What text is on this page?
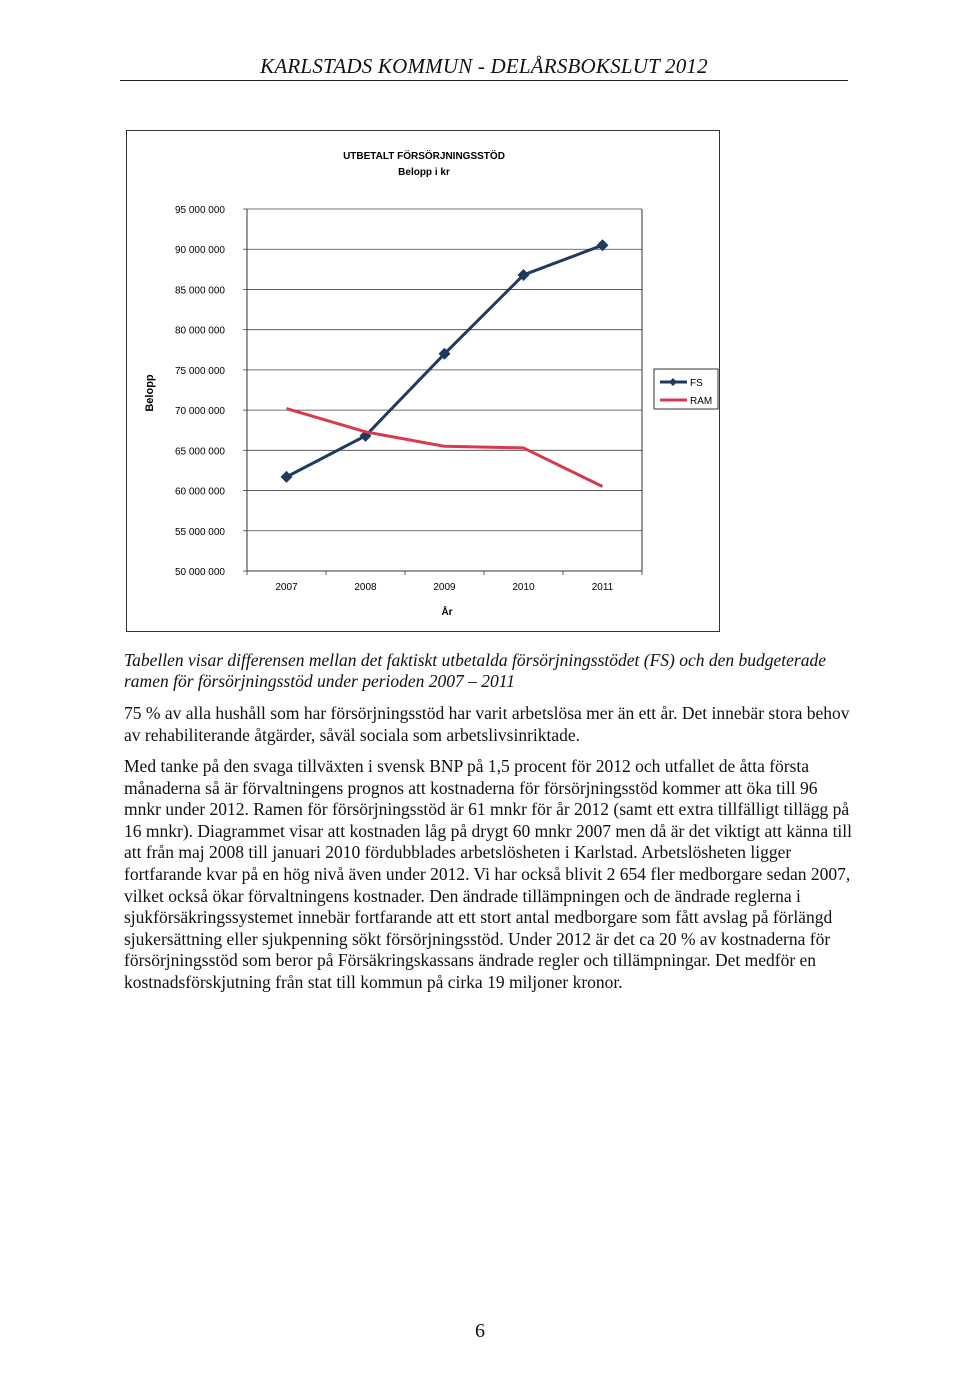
KARLSTADS KOMMUN - DELÅRSBOKSLUT 2012
UTBETALT FÖRSÖRJNINGSSTÖD
Belopp i kr
Belopp
År
50 000 000
55 000 000
60 000 000
65 000 000
70 000 000
75 000 000
80 000 000
85 000 000
90 000 000
95 000 000
2007	2008	2009	2010	2011
FS
RAM
Tabellen visar differensen mellan det faktiskt utbetalda försörjningsstödet (FS) och den budgeterade ramen för försörjningsstöd under perioden 2007 – 2011
75 % av alla hushåll som har försörjningsstöd har varit arbetslösa mer än ett år. Det innebär stora behov av rehabiliterande åtgärder, såväl sociala som arbetslivsinriktade.
Med tanke på den svaga tillväxten i svensk BNP på 1,5 procent för 2012 och utfallet de åtta första månaderna så är förvaltningens prognos att kostnaderna för försörjningsstöd kommer att öka till 96 mnkr under 2012. Ramen för försörjningsstöd är 61 mnkr för år 2012 (samt ett extra tillfälligt tillägg på 16 mnkr). Diagrammet visar att kostnaden låg på drygt 60 mnkr 2007 men då är det viktigt att känna till att från maj 2008 till januari 2010 fördubblades arbetslösheten i Karlstad. Arbetslösheten ligger fortfarande kvar på en hög nivå även under 2012. Vi har också blivit 2 654 fler medborgare sedan 2007, vilket också ökar förvaltningens kostnader. Den ändrade tillämpningen och de ändrade reglerna i sjukförsäkringssystemet innebär fortfarande att ett stort antal medborgare som fått avslag på förlängd sjukersättning eller sjukpenning sökt försörjningsstöd. Under 2012 är det ca 20 % av kostnaderna för försörjningsstöd som beror på Försäkringskassans ändrade regler och tillämpningar. Det medför en kostnadsförskjutning från stat till kommun på cirka 19 miljoner kronor.
6
